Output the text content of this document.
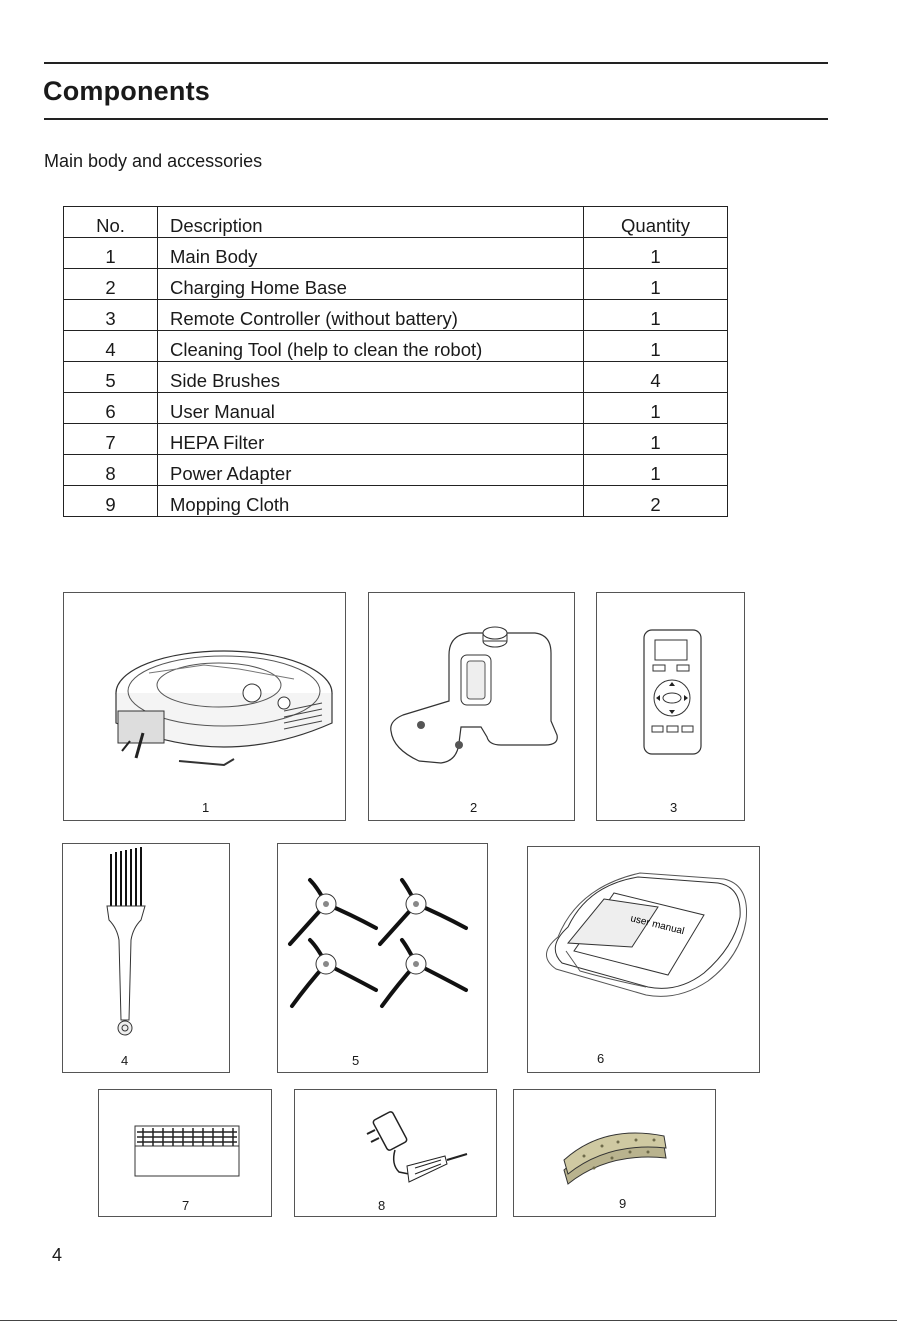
Components
Main body and accessories
No.	Description	Quantity
1	Main Body	1
2	Charging Home Base	1
3	Remote Controller (without battery)	1
4	Cleaning Tool (help to clean the robot)	1
5	Side Brushes	4
6	User Manual	1
7	HEPA Filter	1
8	Power Adapter	1
9	Mopping Cloth	2
1	2	3
4	5
user manual
6
7	8	9
4
